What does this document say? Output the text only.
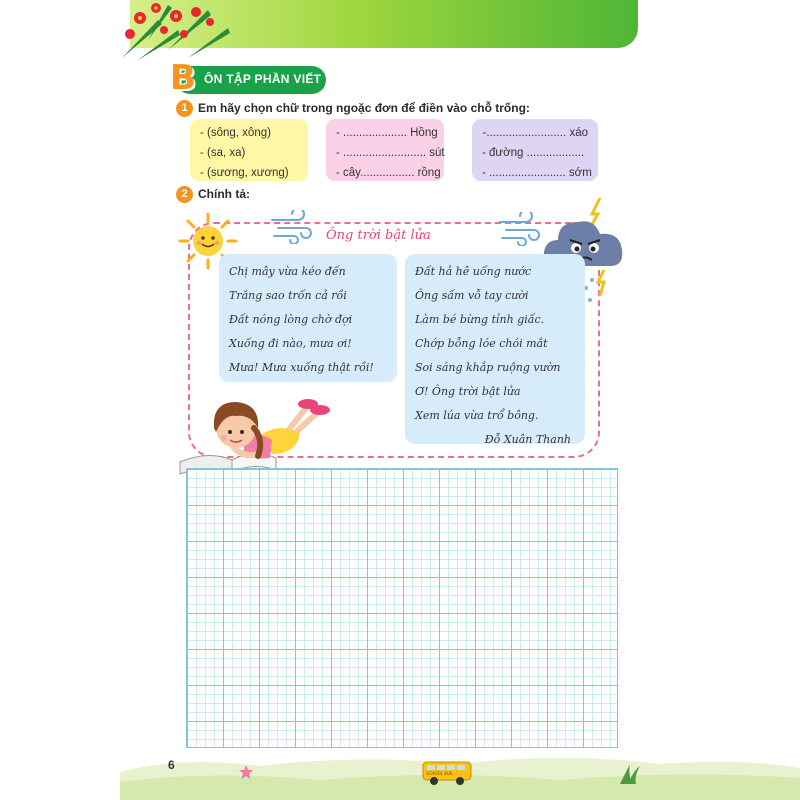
B ÔN TẬP PHẦN VIẾT
1 Em hãy chọn chữ trong ngoặc đơn để điền vào chỗ trống:
- (sông, xông)
- (sa, xa)
- (sương, xương)
- .................... Hồng
- .......................... sút
- cây................. rồng
-......................... xáo
- đường ..................
- ........................ sớm
2 Chính tả:
Ông trời bật lửa
Chị mây vừa kéo đến
Trăng sao trốn cả rồi
Đất nóng lòng chờ đợi
Xuống đi nào, mưa ơi!
Mưa! Mưa xuống thật rồi!
Đất hả hê uống nước
Ông sấm vỗ tay cười
Làm bé bừng tỉnh giấc.
Chớp bỗng lóe chói mắt
Soi sáng khắp ruộng vườn
Ơ! Ông trời bật lửa
Xem lúa vừa trổ bông.
Đỗ Xuân Thanh
6
SCHOOL BUS
